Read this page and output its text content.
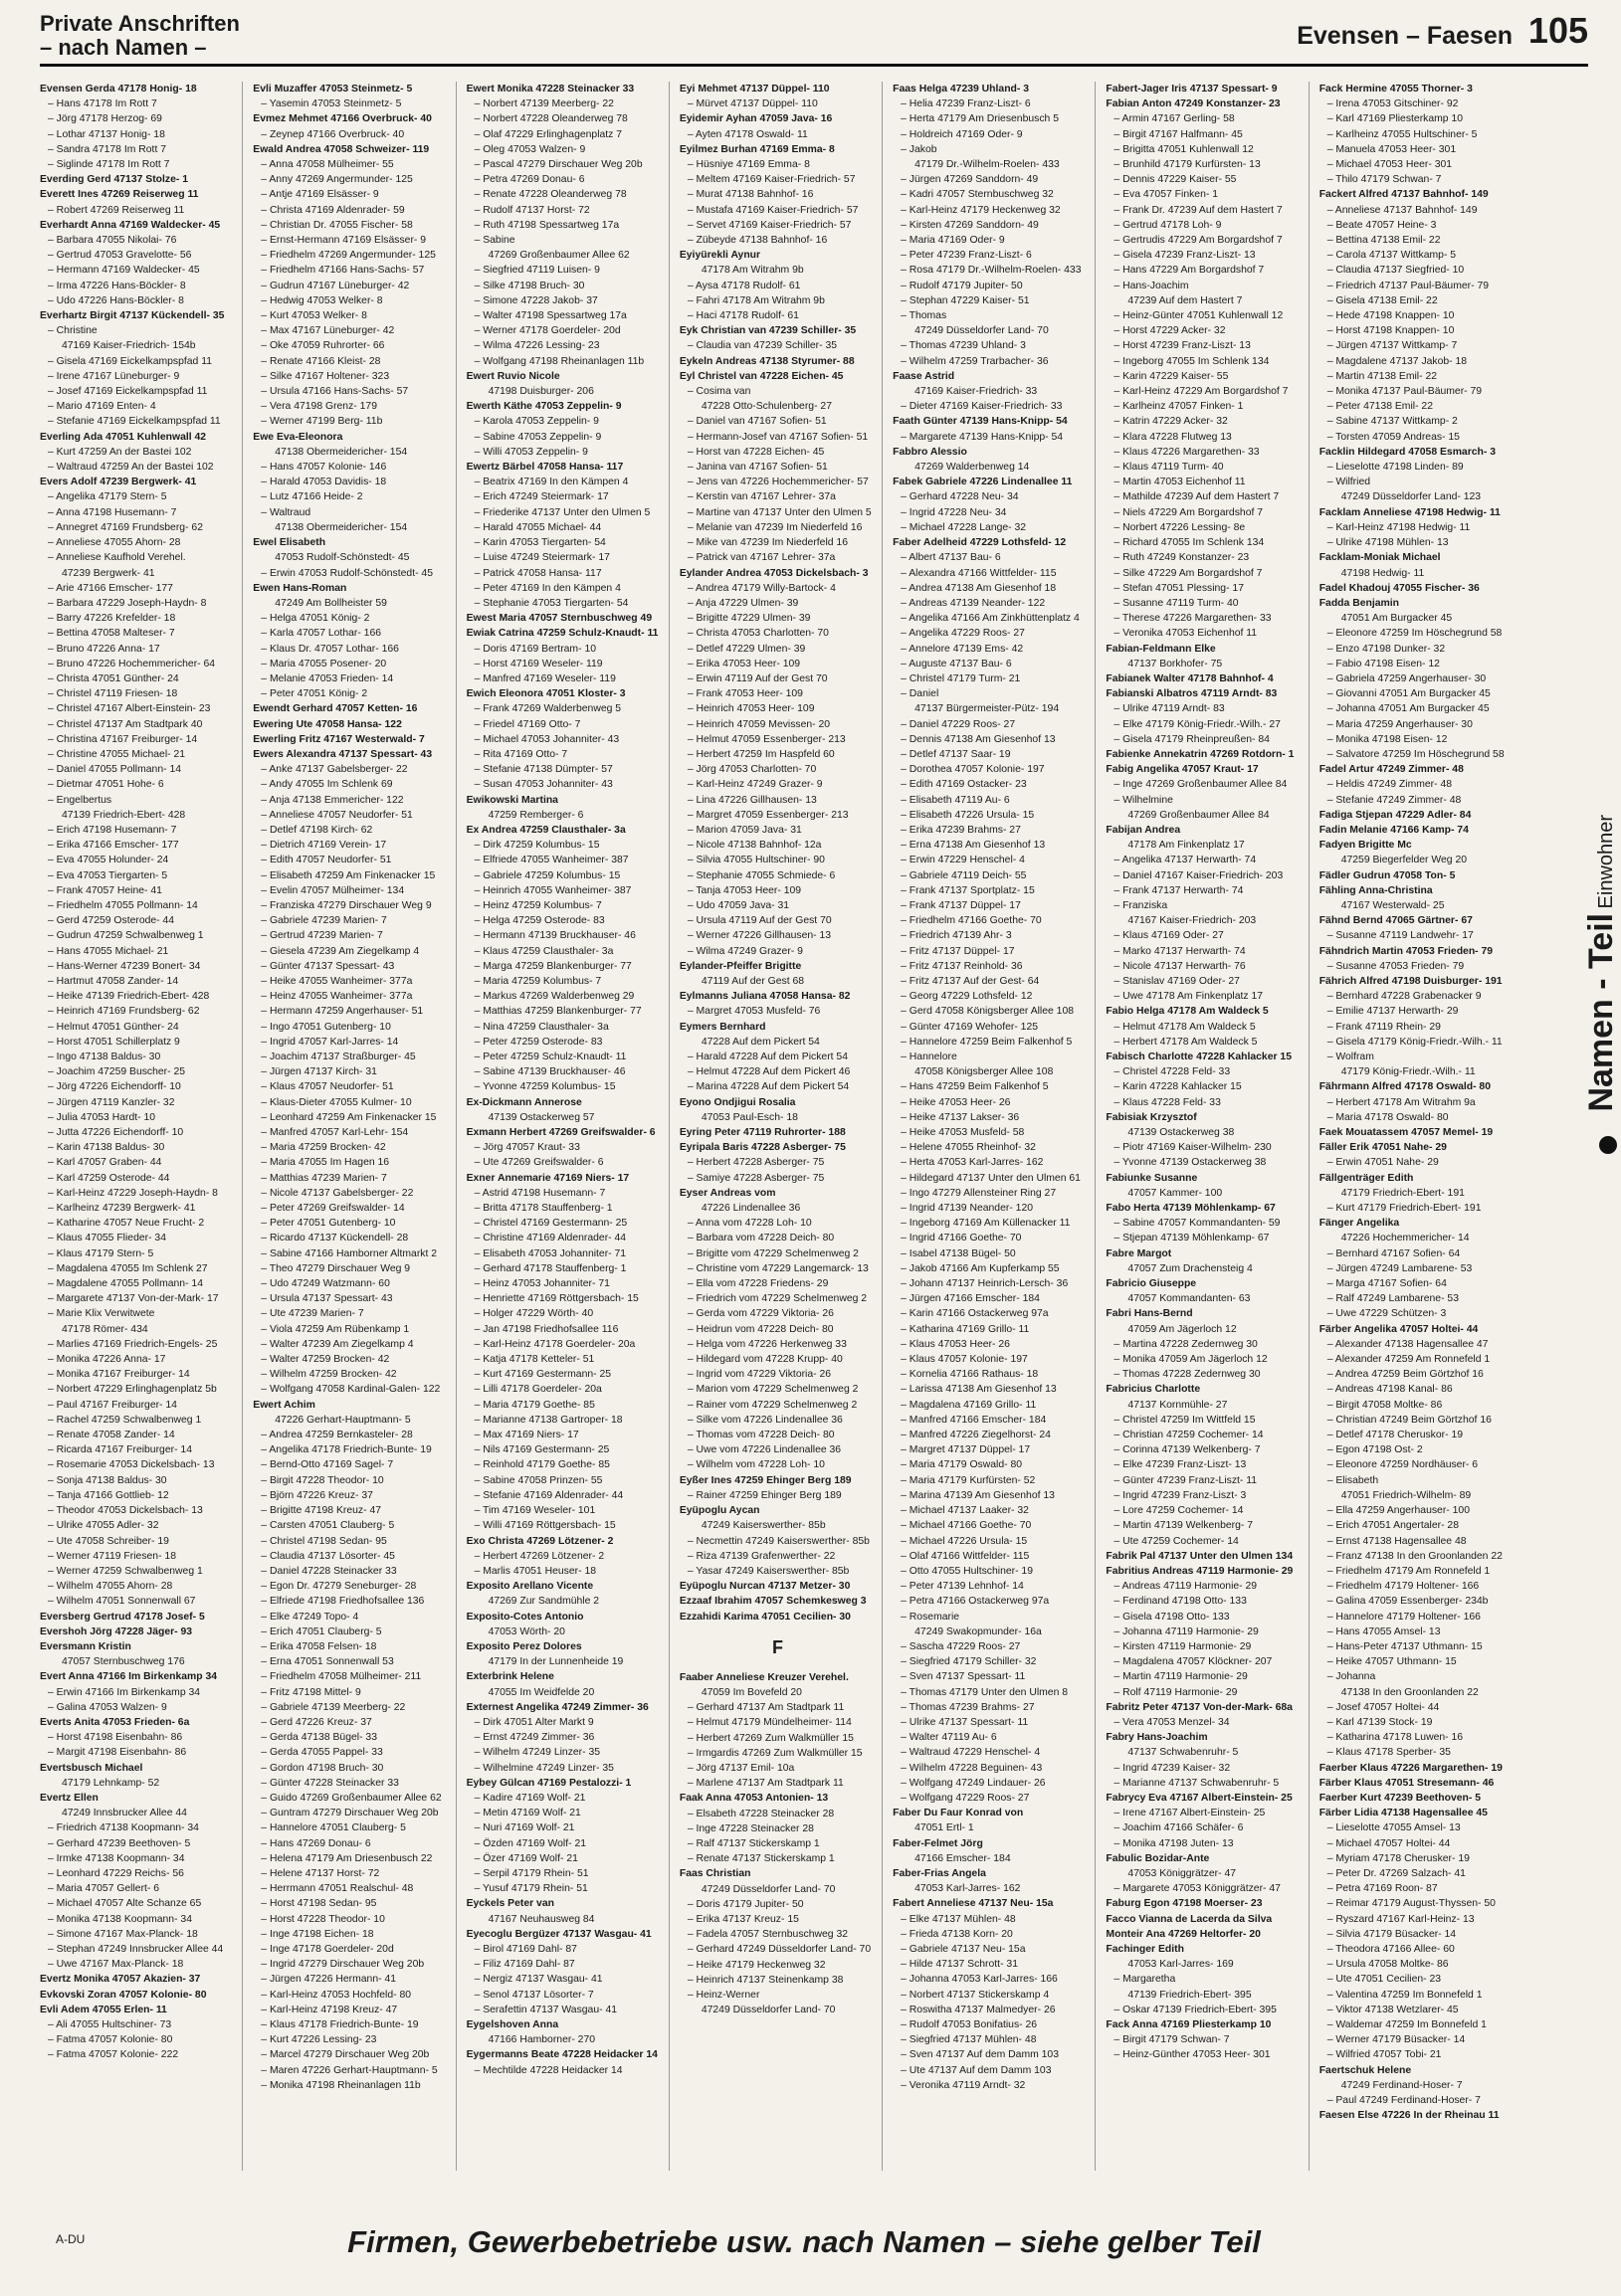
Private Anschriften
– nach Namen –	Evensen – Faesen 105
Evensen Gerda 47178 Honig- 18
– Hans 47178 Im Rott 7
– Jörg 47178 Herzog- 69
– Lothar 47137 Honig- 18
– Sandra 47178 Im Rott 7
– Siglinde 47178 Im Rott 7
Everding Gerd 47137 Stolze- 1
Everett Ines 47269 Reiserweg 11
– Robert 47269 Reiserweg 11
Everhardt Anna 47169 Waldecker- 45
– Barbara 47055 Nikolai- 76
– Gertrud 47053 Gravelotte- 56
– Hermann 47169 Waldecker- 45
– Irma 47226 Hans-Böckler- 8
– Udo 47226 Hans-Böckler- 8
Everhartz Birgit 47137 Kückendell- 35
– Christine
47169 Kaiser-Friedrich- 154b
– Gisela 47169 Eickelkampspfad 11
– Irene 47167 Lüneburger- 9
– Josef 47169 Eickelkampspfad 11
– Mario 47169 Enten- 4
– Stefanie 47169 Eickelkampspfad 11
Everling Ada 47051 Kuhlenwall 42
– Kurt 47259 An der Bastei 102
– Waltraud 47259 An der Bastei 102
Evers Adolf 47239 Bergwerk- 41
– Angelika 47179 Stern- 5
– Anna 47198 Husemann- 7
– Annegret 47169 Frundsberg- 62
– Anneliese 47055 Ahorn- 28
– Anneliese Kaufhold Verehel.
47239 Bergwerk- 41
– Arie 47166 Emscher- 177
– Barbara 47229 Joseph-Haydn- 8
– Barry 47226 Krefelder- 18
– Bettina 47058 Malteser- 7
– Bruno 47226 Anna- 17
– Bruno 47226 Hochemmericher- 64
– Christa 47051 Günther- 24
– Christel 47119 Friesen- 18
– Christel 47167 Albert-Einstein- 23
– Christel 47137 Am Stadtpark 40
– Christina 47167 Freiburger- 14
– Christine 47055 Michael- 21
– Daniel 47055 Pollmann- 14
– Dietmar 47051 Hohe- 6
– Engelbertus
47139 Friedrich-Ebert- 428
– Erich 47198 Husemann- 7
– Erika 47166 Emscher- 177
– Eva 47055 Holunder- 24
– Eva 47053 Tiergarten- 5
– Frank 47057 Heine- 41
– Friedhelm 47055 Pollmann- 14
– Gerd 47259 Osterode- 44
– Gudrun 47259 Schwalbenweg 1
– Hans 47055 Michael- 21
– Hans-Werner 47239 Bonert- 34
– Hartmut 47058 Zander- 14
– Heike 47139 Friedrich-Ebert- 428
– Heinrich 47169 Frundsberg- 62
– Helmut 47051 Günther- 24
– Horst 47051 Schillerplatz 9
– Ingo 47138 Baldus- 30
– Joachim 47259 Buscher- 25
– Jörg 47226 Eichendorff- 10
– Jürgen 47119 Kanzler- 32
– Julia 47053 Hardt- 10
– Jutta 47226 Eichendorff- 10
– Karin 47138 Baldus- 30
– Karl 47057 Graben- 44
– Karl 47259 Osterode- 44
– Karl-Heinz 47229 Joseph-Haydn- 8
– Karlheinz 47239 Bergwerk- 41
– Katharine 47057 Neue Frucht- 2
– Klaus 47055 Flieder- 34
– Klaus 47179 Stern- 5
– Magdalena 47055 Im Schlenk 27
– Magdalene 47055 Pollmann- 14
– Margarete 47137 Von-der-Mark- 17
– Marie Klix Verwitwete
47178 Römer- 434
– Marlies 47169 Friedrich-Engels- 25
– Monika 47226 Anna- 17
– Monika 47167 Freiburger- 14
– Norbert 47229 Erlinghagenplatz 5b
– Paul 47167 Freiburger- 14
– Rachel 47259 Schwalbenweg 1
– Renate 47058 Zander- 14
– Ricarda 47167 Freiburger- 14
– Rosemarie 47053 Dickelsbach- 13
– Sonja 47138 Baldus- 30
– Tanja 47166 Gottlieb- 12
– Theodor 47053 Dickelsbach- 13
– Ulrike 47055 Adler- 32
– Ute 47058 Schreiber- 19
– Werner 47119 Friesen- 18
– Werner 47259 Schwalbenweg 1
– Wilhelm 47055 Ahorn- 28
– Wilhelm 47051 Sonnenwall 67
Eversberg Gertrud 47178 Josef- 5
Evershoh Jörg 47228 Jäger- 93
Eversmann Kristin
47057 Sternbuschweg 176
Evert Anna 47166 Im Birkenkamp 34
– Erwin 47166 Im Birkenkamp 34
– Galina 47053 Walzen- 9
Everts Anita 47053 Frieden- 6a
– Horst 47198 Eisenbahn- 86
– Margit 47198 Eisenbahn- 86
Evertsbusch Michael
47179 Lehnkamp- 52
Evertz Ellen
47249 Innsbrucker Allee 44
– Friedrich 47138 Koopmann- 34
– Gerhard 47239 Beethoven- 5
– Irmke 47138 Koopmann- 34
– Leonhard 47229 Reichs- 56
– Maria 47057 Gellert- 6
– Michael 47057 Alte Schanze 65
– Monika 47138 Koopmann- 34
– Simone 47167 Max-Planck- 18
– Stephan 47249 Innsbrucker Allee 44
– Uwe 47167 Max-Planck- 18
Evertz Monika 47057 Akazien- 37
Evkovski Zoran 47057 Kolonie- 80
Evli Adem 47055 Erlen- 11
– Ali 47055 Hultschiner- 73
– Fatma 47057 Kolonie- 80
– Fatma 47057 Kolonie- 222
Evli Muzaffer 47053 Steinmetz- 5
– Yasemin 47053 Steinmetz- 5
Evmez Mehmet 47166 Overbruck- 40
– Zeynep 47166 Overbruck- 40
Ewald Andrea 47058 Schweizer- 119
– Anna 47058 Mülheimer- 55
– Anny 47269 Angermunder- 125
– Antje 47169 Elsässer- 9
– Christa 47169 Aldenrader- 59
– Christian Dr. 47055 Fischer- 58
– Ernst-Hermann 47169 Elsässer- 9
– Friedhelm 47269 Angermunder- 125
– Friedhelm 47166 Hans-Sachs- 57
– Gudrun 47167 Lüneburger- 42
– Hedwig 47053 Welker- 8
– Kurt 47053 Welker- 8
– Max 47167 Lüneburger- 42
– Oke 47059 Ruhrorter- 66
– Renate 47166 Kleist- 28
– Silke 47167 Holtener- 323
– Ursula 47166 Hans-Sachs- 57
– Vera 47198 Grenz- 179
– Werner 47199 Berg- 11b
Ewe Eva-Eleonora
47138 Obermeidericher- 154
– Hans 47057 Kolonie- 146
– Harald 47053 Davidis- 18
– Lutz 47166 Heide- 2
– Waltraud
47138 Obermeidericher- 154
Ewel Elisabeth
47053 Rudolf-Schönstedt- 45
– Erwin 47053 Rudolf-Schönstedt- 45
Ewen Hans-Roman
47249 Am Bollheister 59
– Helga 47051 König- 2
– Karla 47057 Lothar- 166
– Klaus Dr. 47057 Lothar- 166
– Maria 47055 Posener- 20
– Melanie 47053 Frieden- 14
– Peter 47051 König- 2
Ewendt Gerhard 47057 Ketten- 16
Ewering Ute 47058 Hansa- 122
Ewerling Fritz 47167 Westerwald- 7
Ewers Alexandra 47137 Spessart- 43
– Anke 47137 Gabelsberger- 22
– Andy 47055 Im Schlenk 69
– Anja 47138 Emmericher- 122
– Anneliese 47057 Neudorfer- 51
– Detlef 47198 Kirch- 62
– Dietrich 47169 Verein- 17
– Edith 47057 Neudorfer- 51
– Elisabeth 47259 Am Finkenacker 15
– Evelin 47057 Mülheimer- 134
– Franziska 47279 Dirschauer Weg 9
– Gabriele 47239 Marien- 7
– Gertrud 47239 Marien- 7
– Giesela 47239 Am Ziegelkamp 4
– Günter 47137 Spessart- 43
– Heike 47055 Wanheimer- 377a
– Heinz 47055 Wanheimer- 377a
– Hermann 47259 Angerhauser- 51
– Ingo 47051 Gutenberg- 10
– Ingrid 47057 Karl-Jarres- 14
– Joachim 47137 Straßburger- 45
– Jürgen 47137 Kirch- 31
– Klaus 47057 Neudorfer- 51
– Klaus-Dieter 47055 Kulmer- 10
– Leonhard 47259 Am Finkenacker 15
– Manfred 47057 Karl-Lehr- 154
– Maria 47259 Brocken- 42
– Maria 47055 Im Hagen 16
– Matthias 47239 Marien- 7
– Nicole 47137 Gabelsberger- 22
– Peter 47269 Greifswalder- 14
– Peter 47051 Gutenberg- 10
– Ricardo 47137 Kückendell- 28
– Sabine 47166 Hamborner Altmarkt 2
– Theo 47279 Dirschauer Weg 9
– Udo 47249 Watzmann- 60
– Ursula 47137 Spessart- 43
– Ute 47239 Marien- 7
– Viola 47259 Am Rübenkamp 1
– Walter 47239 Am Ziegelkamp 4
– Walter 47259 Brocken- 42
– Wilhelm 47259 Brocken- 42
– Wolfgang 47058 Kardinal-Galen- 122
Ewert Achim
47226 Gerhart-Hauptmann- 5
– Andrea 47259 Bernkasteler- 28
– Angelika 47178 Friedrich-Bunte- 19
– Bernd-Otto 47169 Sagel- 7
– Birgit 47228 Theodor- 10
– Björn 47226 Kreuz- 37
– Brigitte 47198 Kreuz- 47
– Carsten 47051 Clauberg- 5
– Christel 47198 Sedan- 95
– Claudia 47137 Lösorter- 45
– Daniel 47228 Steinacker 33
– Egon Dr. 47279 Seneburger- 28
– Elfriede 47198 Friedhofsallee 136
– Elke 47249 Topo- 4
– Erich 47051 Clauberg- 5
– Erika 47058 Felsen- 18
– Erna 47051 Sonnenwall 53
– Friedhelm 47058 Mülheimer- 211
– Fritz 47198 Mittel- 9
– Gabriele 47139 Meerberg- 22
– Gerd 47226 Kreuz- 37
– Gerda 47138 Bügel- 33
– Gerda 47055 Pappel- 33
– Gordon 47198 Bruch- 30
– Günter 47228 Steinacker 33
– Guido 47269 Großenbaumer Allee 62
– Guntram 47279 Dirschauer Weg 20b
– Hannelore 47051 Clauberg- 5
– Hans 47269 Donau- 6
– Helena 47179 Am Driesenbusch 22
– Helene 47137 Horst- 72
– Herrmann 47051 Realschul- 48
– Horst 47198 Sedan- 95
– Horst 47228 Theodor- 10
– Inge 47198 Eichen- 18
– Inge 47178 Goerdeler- 20d
– Ingrid 47279 Dirschauer Weg 20b
– Jürgen 47226 Hermann- 41
– Karl-Heinz 47053 Hochfeld- 80
– Karl-Heinz 47198 Kreuz- 47
– Klaus 47178 Friedrich-Bunte- 19
– Kurt 47226 Lessing- 23
– Marcel 47279 Dirschauer Weg 20b
– Maren 47226 Gerhart-Hauptmann- 5
– Monika 47198 Rheinanlagen 11b
Ewert Monika 47228 Steinacker 33
– Norbert 47139 Meerberg- 22
– Norbert 47228 Oleanderweg 78
– Olaf 47229 Erlinghagenplatz 7
– Oleg 47053 Walzen- 9
– Pascal 47279 Dirschauer Weg 20b
– Petra 47269 Donau- 6
– Renate 47228 Oleanderweg 78
– Rudolf 47137 Horst- 72
– Ruth 47198 Spessartweg 17a
– Sabine
47269 Großenbaumer Allee 62
– Siegfried 47119 Luisen- 9
– Silke 47198 Bruch- 30
– Simone 47228 Jakob- 37
– Walter 47198 Spessartweg 17a
– Werner 47178 Goerdeler- 20d
– Wilma 47226 Lessing- 23
– Wolfgang 47198 Rheinanlagen 11b
Ewert Ruvio Nicole
47198 Duisburger- 206
Ewerth Käthe 47053 Zeppelin- 9
– Karola 47053 Zeppelin- 9
– Sabine 47053 Zeppelin- 9
– Willi 47053 Zeppelin- 9
Ewertz Bärbel 47058 Hansa- 117
– Beatrix 47169 In den Kämpen 4
– Erich 47249 Steiermark- 17
– Friederike 47137 Unter den Ulmen 5
– Harald 47055 Michael- 44
– Karin 47053 Tiergarten- 54
– Luise 47249 Steiermark- 17
– Patrick 47058 Hansa- 117
– Peter 47169 In den Kämpen 4
– Stephanie 47053 Tiergarten- 54
Ewest Maria 47057 Sternbuschweg 49
Ewiak Catrina 47259 Schulz-Knaudt- 11
– Doris 47169 Bertram- 10
– Horst 47169 Weseler- 119
– Manfred 47169 Weseler- 119
Ewich Eleonora 47051 Kloster- 3
– Frank 47269 Walderbenweg 5
– Friedel 47169 Otto- 7
– Michael 47053 Johanniter- 43
– Rita 47169 Otto- 7
– Stefanie 47138 Dümpter- 57
– Susan 47053 Johanniter- 43
Ewikowski Martina
47259 Remberger- 6
Ex Andrea 47259 Clausthaler- 3a
– Dirk 47259 Kolumbus- 15
– Elfriede 47055 Wanheimer- 387
– Gabriele 47259 Kolumbus- 15
– Heinrich 47055 Wanheimer- 387
– Heinz 47259 Kolumbus- 7
– Helga 47259 Osterode- 83
– Hermann 47139 Bruckhauser- 46
– Klaus 47259 Clausthaler- 3a
– Marga 47259 Blankenburger- 77
– Maria 47259 Kolumbus- 7
– Markus 47269 Walderbenweg 29
– Matthias 47259 Blankenburger- 77
– Nina 47259 Clausthaler- 3a
– Peter 47259 Osterode- 83
– Peter 47259 Schulz-Knaudt- 11
– Sabine 47139 Bruckhauser- 46
– Yvonne 47259 Kolumbus- 15
Ex-Dickmann Annerose
47139 Ostackerweg 57
Exmann Herbert 47269 Greifswalder- 6
– Jörg 47057 Kraut- 33
– Ute 47269 Greifswalder- 6
Exner Annemarie 47169 Niers- 17
– Astrid 47198 Husemann- 7
– Britta 47178 Stauffenberg- 1
– Christel 47169 Gestermann- 25
– Christine 47169 Aldenrader- 44
– Elisabeth 47053 Johanniter- 71
– Gerhard 47178 Stauffenberg- 1
– Heinz 47053 Johanniter- 71
– Henriette 47169 Röttgersbach- 15
– Holger 47229 Wörth- 40
– Jan 47198 Friedhofsallee 116
– Karl-Heinz 47178 Goerdeler- 20a
– Katja 47178 Ketteler- 51
– Kurt 47169 Gestermann- 25
– Lilli 47178 Goerdeler- 20a
– Maria 47179 Goethe- 85
– Marianne 47138 Gartroper- 18
– Max 47169 Niers- 17
– Nils 47169 Gestermann- 25
– Reinhold 47179 Goethe- 85
– Sabine 47058 Prinzen- 55
– Stefanie 47169 Aldenrader- 44
– Tim 47169 Weseler- 101
– Willi 47169 Röttgersbach- 15
Exo Christa 47269 Lötzener- 2
– Herbert 47269 Lötzener- 2
– Marlis 47051 Heuser- 18
Exposito Arellano Vicente
47269 Zur Sandmühle 2
Exposito-Cotes Antonio
47053 Wörth- 20
Exposito Perez Dolores
47179 In der Lunnenheide 19
Exterbrink Helene
47055 Im Weidfelde 20
Externest Angelika 47249 Zimmer- 36
– Dirk 47051 Alter Markt 9
– Ernst 47249 Zimmer- 36
– Wilhelm 47249 Linzer- 35
– Wilhelmine 47249 Linzer- 35
Eybey Gülcan 47169 Pestalozzi- 1
– Kadire 47169 Wolf- 21
– Metin 47169 Wolf- 21
– Nuri 47169 Wolf- 21
– Özden 47169 Wolf- 21
– Özer 47169 Wolf- 21
– Serpil 47179 Rhein- 51
– Yusuf 47179 Rhein- 51
Eyckels Peter van
47167 Neuhausweg 84
Eyecoglu Bergüzer 47137 Wasgau- 41
– Birol 47169 Dahl- 87
– Filiz 47169 Dahl- 87
– Nergiz 47137 Wasgau- 41
– Senol 47137 Lösorter- 7
– Serafettin 47137 Wasgau- 41
Eygelshoven Anna
47166 Hamborner- 270
Eygermanns Beate 47228 Heidacker 14
– Mechtilde 47228 Heidacker 14
Eyi Mehmet 47137 Düppel- 110
– Mürvet 47137 Düppel- 110
Eyidemir Ayhan 47059 Java- 16
– Ayten 47178 Oswald- 11
Eyilmez Burhan 47169 Emma- 8
– Hüsniye 47169 Emma- 8
– Meltem 47169 Kaiser-Friedrich- 57
– Murat 47138 Bahnhof- 16
– Mustafa 47169 Kaiser-Friedrich- 57
– Servet 47169 Kaiser-Friedrich- 57
– Zübeyde 47138 Bahnhof- 16
Eyiyürekli Aynur
47178 Am Witrahm 9b
– Aysa 47178 Rudolf- 61
– Fahri 47178 Am Witrahm 9b
– Haci 47178 Rudolf- 61
Eyk Christian van 47239 Schiller- 35
– Claudia van 47239 Schiller- 35
Eykeln Andreas 47138 Styrumer- 88
Eyl Christel van 47228 Eichen- 45
– Cosima van
47228 Otto-Schulenberg- 27
– Daniel van 47167 Sofien- 51
– Hermann-Josef van 47167 Sofien- 51
– Horst van 47228 Eichen- 45
– Janina van 47167 Sofien- 51
– Jens van 47226 Hochemmericher- 57
– Kerstin van 47167 Lehrer- 37a
– Martine van 47137 Unter den Ulmen 5
– Melanie van 47239 Im Niederfeld 16
– Mike van 47239 Im Niederfeld 16
– Patrick van 47167 Lehrer- 37a
Eylander Andrea 47053 Dickelsbach- 3
– Andrea 47179 Willy-Bartock- 4
– Anja 47229 Ulmen- 39
– Brigitte 47229 Ulmen- 39
– Christa 47053 Charlotten- 70
– Detlef 47229 Ulmen- 39
– Erika 47053 Heer- 109
– Erwin 47119 Auf der Gest 70
– Frank 47053 Heer- 109
– Heinrich 47053 Heer- 109
– Heinrich 47059 Mevissen- 20
– Helmut 47059 Essenberger- 213
– Herbert 47259 Im Haspfeld 60
– Jörg 47053 Charlotten- 70
– Karl-Heinz 47249 Grazer- 9
– Lina 47226 Gillhausen- 13
– Margret 47059 Essenberger- 213
– Marion 47059 Java- 31
– Nicole 47138 Bahnhof- 12a
– Silvia 47055 Hultschiner- 90
– Stephanie 47055 Schmiede- 6
– Tanja 47053 Heer- 109
– Udo 47059 Java- 31
– Ursula 47119 Auf der Gest 70
– Werner 47226 Gillhausen- 13
– Wilma 47249 Grazer- 9
Eylander-Pfeiffer Brigitte
47119 Auf der Gest 68
Eylmanns Juliana 47058 Hansa- 82
– Margret 47053 Musfeld- 76
Eymers Bernhard
47228 Auf dem Pickert 54
– Harald 47228 Auf dem Pickert 54
– Helmut 47228 Auf dem Pickert 46
– Marina 47228 Auf dem Pickert 54
Eyono Ondjigui Rosalia
47053 Paul-Esch- 18
Eyring Peter 47119 Ruhrorter- 188
Eyripala Baris 47228 Asberger- 75
– Herbert 47228 Asberger- 75
– Samiye 47228 Asberger- 75
Eyser Andreas vom
47226 Lindenallee 36
– Anna vom 47228 Loh- 10
– Barbara vom 47228 Deich- 80
– Brigitte vom 47229 Schelmenweg 2
– Christine vom 47229 Langemarck- 13
– Ella vom 47228 Friedens- 29
– Friedrich vom 47229 Schelmenweg 2
– Gerda vom 47229 Viktoria- 26
– Heidrun vom 47228 Deich- 80
– Helga vom 47226 Herkenweg 33
– Hildegard vom 47228 Krupp- 40
– Ingrid vom 47229 Viktoria- 26
– Marion vom 47229 Schelmenweg 2
– Rainer vom 47229 Schelmenweg 2
– Silke vom 47226 Lindenallee 36
– Thomas vom 47228 Deich- 80
– Uwe vom 47226 Lindenallee 36
– Wilhelm vom 47228 Loh- 10
Eyßer Ines 47259 Ehinger Berg 189
– Rainer 47259 Ehinger Berg 189
Eyüpoglu Aycan
47249 Kaiserswerther- 85b
– Necmettin 47249 Kaiserswerther- 85b
– Riza 47139 Grafenwerther- 22
– Yasar 47249 Kaiserswerther- 85b
Eyüpoglu Nurcan 47137 Metzer- 30
Ezzaaf Ibrahim 47057 Schemkesweg 3
Ezzahidi Karima 47051 Cecilien- 30
F
Faaber Anneliese Kreuzer Verehel.
47059 Im Bovefeld 20
– Gerhard 47137 Am Stadtpark 11
– Helmut 47179 Mündelheimer- 114
– Herbert 47269 Zum Walkmüller 15
– Irmgardis 47269 Zum Walkmüller 15
– Jörg 47137 Emil- 10a
– Marlene 47137 Am Stadtpark 11
Faak Anna 47053 Antonien- 13
– Elsabeth 47228 Steinacker 28
– Inge 47228 Steinacker 28
– Ralf 47137 Stickerskamp 1
– Renate 47137 Stickerskamp 1
Faas Christian
47249 Düsseldorfer Land- 70
– Doris 47179 Jupiter- 50
– Erika 47137 Kreuz- 15
– Fadela 47057 Sternbuschweg 32
– Gerhard 47249 Düsseldorfer Land- 70
– Heike 47179 Heckenweg 32
– Heinrich 47137 Steinenkamp 38
– Heinz-Werner
47249 Düsseldorfer Land- 70
Faas Helga 47239 Uhland- 3
– Helia 47239 Franz-Liszt- 6
– Herta 47179 Am Driesenbusch 5
– Holdreich 47169 Oder- 9
– Jakob
47179 Dr.-Wilhelm-Roelen- 433
– Jürgen 47269 Sanddorn- 49
– Kadri 47057 Sternbuschweg 32
– Karl-Heinz 47179 Heckenweg 32
– Kirsten 47269 Sanddorn- 49
– Maria 47169 Oder- 9
– Peter 47239 Franz-Liszt- 6
– Rosa 47179 Dr.-Wilhelm-Roelen- 433
– Rudolf 47179 Jupiter- 50
– Stephan 47229 Kaiser- 51
– Thomas
47249 Düsseldorfer Land- 70
– Thomas 47239 Uhland- 3
– Wilhelm 47259 Trarbacher- 36
Faase Astrid
47169 Kaiser-Friedrich- 33
– Dieter 47169 Kaiser-Friedrich- 33
Faath Günter 47139 Hans-Knipp- 54
– Margarete 47139 Hans-Knipp- 54
Fabbro Alessio
47269 Walderbenweg 14
Fabek Gabriele 47226 Lindenallee 11
– Gerhard 47228 Neu- 34
– Ingrid 47228 Neu- 34
– Michael 47228 Lange- 32
Faber Adelheid 47229 Lothsfeld- 12
– Albert 47137 Bau- 6
– Alexandra 47166 Wittfelder- 115
– Andrea 47138 Am Giesenhof 18
– Andreas 47139 Neander- 122
– Angelika 47166 Am Zinkhüttenplatz 4
– Angelika 47229 Roos- 27
– Annelore 47139 Ems- 42
– Auguste 47137 Bau- 6
– Christel 47179 Turm- 21
– Daniel
47137 Bürgermeister-Pütz- 194
– Daniel 47229 Roos- 27
– Dennis 47138 Am Giesenhof 13
– Detlef 47137 Saar- 19
– Dorothea 47057 Kolonie- 197
– Edith 47169 Ostacker- 23
– Elisabeth 47119 Au- 6
– Elisabeth 47226 Ursula- 15
– Erika 47239 Brahms- 27
– Erna 47138 Am Giesenhof 13
– Erwin 47229 Henschel- 4
– Gabriele 47119 Deich- 55
– Frank 47137 Sportplatz- 15
– Frank 47137 Düppel- 17
– Friedhelm 47166 Goethe- 70
– Friedrich 47139 Ahr- 3
– Fritz 47137 Düppel- 17
– Fritz 47137 Reinhold- 36
– Fritz 47137 Auf der Gest- 64
– Georg 47229 Lothsfeld- 12
– Gerd 47058 Königsberger Allee 108
– Günter 47169 Wehofer- 125
– Hannelore 47259 Beim Falkenhof 5
– Hannelore
47058 Königsberger Allee 108
– Hans 47259 Beim Falkenhof 5
– Heike 47053 Heer- 26
– Heike 47137 Lakser- 36
– Heike 47053 Musfeld- 58
– Helene 47055 Rheinhof- 32
– Herta 47053 Karl-Jarres- 162
– Hildegard 47137 Unter den Ulmen 61
– Ingo 47279 Allensteiner Ring 27
– Ingrid 47139 Neander- 120
– Ingeborg 47169 Am Küllenacker 11
– Ingrid 47166 Goethe- 70
– Isabel 47138 Bügel- 50
– Jakob 47166 Am Kupferkamp 55
– Johann 47137 Heinrich-Lersch- 36
– Jürgen 47166 Emscher- 184
– Karin 47166 Ostackerweg 97a
– Katharina 47169 Grillo- 11
– Klaus 47053 Heer- 26
– Klaus 47057 Kolonie- 197
– Kornelia 47166 Rathaus- 18
– Larissa 47138 Am Giesenhof 13
– Magdalena 47169 Grillo- 11
– Manfred 47166 Emscher- 184
– Manfred 47226 Ziegelhorst- 24
– Margret 47137 Düppel- 17
– Maria 47179 Oswald- 80
– Maria 47179 Kurfürsten- 52
– Marina 47139 Am Giesenhof 13
– Michael 47137 Laaker- 32
– Michael 47166 Goethe- 70
– Michael 47226 Ursula- 15
– Olaf 47166 Wittfelder- 115
– Otto 47055 Hultschiner- 19
– Peter 47139 Lehnhof- 14
– Petra 47166 Ostackerweg 97a
– Rosemarie
47249 Swakopmunder- 16a
– Sascha 47229 Roos- 27
– Siegfried 47179 Schiller- 32
– Sven 47137 Spessart- 11
– Thomas 47179 Unter den Ulmen 8
– Thomas 47239 Brahms- 27
– Ulrike 47137 Spessart- 11
– Walter 47119 Au- 6
– Waltraud 47229 Henschel- 4
– Wilhelm 47228 Beguinen- 43
– Wolfgang 47249 Lindauer- 26
– Wolfgang 47229 Roos- 27
Faber Du Faur Konrad von
47051 Ertl- 1
Faber-Felmet Jörg
47166 Emscher- 184
Faber-Frias Angela
47053 Karl-Jarres- 162
Fabert Anneliese 47137 Neu- 15a
– Elke 47137 Mühlen- 48
– Frieda 47138 Korn- 20
– Gabriele 47137 Neu- 15a
– Hilde 47137 Schrott- 31
– Johanna 47053 Karl-Jarres- 166
– Norbert 47137 Stickerskamp 4
– Roswitha 47137 Malmedyer- 26
– Rudolf 47053 Bonifatius- 26
– Siegfried 47137 Mühlen- 48
– Sven 47137 Auf dem Damm 103
– Ute 47137 Auf dem Damm 103
– Veronika 47119 Arndt- 32
Fabert-Jager Iris 47137 Spessart- 9
Fabian Anton 47249 Konstanzer- 23
– Armin 47167 Gerling- 58
– Birgit 47167 Halfmann- 45
– Brigitta 47051 Kuhlenwall 12
– Brunhild 47179 Kurfürsten- 13
– Dennis 47229 Kaiser- 55
– Eva 47057 Finken- 1
– Frank Dr. 47239 Auf dem Hastert 7
– Gertrud 47178 Loh- 9
– Gertrudis 47229 Am Borgardshof 7
– Gisela 47239 Franz-Liszt- 13
– Hans 47229 Am Borgardshof 7
– Hans-Joachim
47239 Auf dem Hastert 7
– Heinz-Günter 47051 Kuhlenwall 12
– Horst 47229 Acker- 32
– Horst 47239 Franz-Liszt- 13
– Ingeborg 47055 Im Schlenk 134
– Karin 47229 Kaiser- 55
– Karl-Heinz 47229 Am Borgardshof 7
– Karlheinz 47057 Finken- 1
– Katrin 47229 Acker- 32
– Klara 47228 Flutweg 13
– Klaus 47226 Margarethen- 33
– Klaus 47119 Turm- 40
– Martin 47053 Eichenhof 11
– Mathilde 47239 Auf dem Hastert 7
– Niels 47229 Am Borgardshof 7
– Norbert 47226 Lessing- 8e
– Richard 47055 Im Schlenk 134
– Ruth 47249 Konstanzer- 23
– Silke 47229 Am Borgardshof 7
– Stefan 47051 Plessing- 17
– Susanne 47119 Turm- 40
– Therese 47226 Margarethen- 33
– Veronika 47053 Eichenhof 11
Fabian-Feldmann Elke
47137 Borkhofer- 75
Fabianek Walter 47178 Bahnhof- 4
Fabianski Albatros 47119 Arndt- 83
– Ulrike 47119 Arndt- 83
– Elke 47179 König-Friedr.-Wilh.- 27
– Gisela 47179 Rheinpreußen- 84
Fabienke Annekatrin 47269 Rotdorn- 1
Fabig Angelika 47057 Kraut- 17
– Inge 47269 Großenbaumer Allee 84
– Wilhelmine
47269 Großenbaumer Allee 84
Fabijan Andrea
47178 Am Finkenplatz 17
– Angelika 47137 Herwarth- 74
– Daniel 47167 Kaiser-Friedrich- 203
– Frank 47137 Herwarth- 74
– Franziska
47167 Kaiser-Friedrich- 203
– Klaus 47169 Oder- 27
– Marko 47137 Herwarth- 74
– Nicole 47137 Herwarth- 76
– Stanislav 47169 Oder- 27
– Uwe 47178 Am Finkenplatz 17
Fabio Helga 47178 Am Waldeck 5
– Helmut 47178 Am Waldeck 5
– Herbert 47178 Am Waldeck 5
Fabisch Charlotte 47228 Kahlacker 15
– Christel 47228 Feld- 33
– Karin 47228 Kahlacker 15
– Klaus 47228 Feld- 33
Fabisiak Krzysztof
47139 Ostackerweg 38
– Piotr 47169 Kaiser-Wilhelm- 230
– Yvonne 47139 Ostackerweg 38
Fabiunke Susanne
47057 Kammer- 100
Fabo Herta 47139 Möhlenkamp- 67
– Sabine 47057 Kommandanten- 59
– Stjepan 47139 Möhlenkamp- 67
Fabre Margot
47057 Zum Drachensteig 4
Fabricio Giuseppe
47057 Kommandanten- 63
Fabri Hans-Bernd
47059 Am Jägerloch 12
– Martina 47228 Zedernweg 30
– Monika 47059 Am Jägerloch 12
– Thomas 47228 Zedernweg 30
Fabricius Charlotte
47137 Kornmühle- 27
– Christel 47259 Im Wittfeld 15
– Christian 47259 Cochemer- 14
– Corinna 47139 Welkenberg- 7
– Elke 47239 Franz-Liszt- 13
– Günter 47239 Franz-Liszt- 11
– Ingrid 47239 Franz-Liszt- 3
– Lore 47259 Cochemer- 14
– Martin 47139 Welkenberg- 7
– Ute 47259 Cochemer- 14
Fabrik Pal 47137 Unter den Ulmen 134
Fabritius Andreas 47119 Harmonie- 29
– Andreas 47119 Harmonie- 29
– Ferdinand 47198 Otto- 133
– Gisela 47198 Otto- 133
– Johanna 47119 Harmonie- 29
– Kirsten 47119 Harmonie- 29
– Magdalena 47057 Klöckner- 207
– Martin 47119 Harmonie- 29
– Rolf 47119 Harmonie- 29
Fabritz Peter 47137 Von-der-Mark- 68a
– Vera 47053 Menzel- 34
Fabry Hans-Joachim
47137 Schwabenruhr- 5
– Ingrid 47239 Kaiser- 32
– Marianne 47137 Schwabenruhr- 5
Fabrycy Eva 47167 Albert-Einstein- 25
– Irene 47167 Albert-Einstein- 25
– Joachim 47166 Schäfer- 6
– Monika 47198 Juten- 13
Fabulic Bozidar-Ante
47053 Königgrätzer- 47
– Margarete 47053 Königgrätzer- 47
Faburg Egon 47198 Moerser- 23
Facco Vianna de Lacerda da Silva
Monteir Ana 47269 Heltorfer- 20
Fachinger Edith
47053 Karl-Jarres- 169
– Margaretha
47139 Friedrich-Ebert- 395
– Oskar 47139 Friedrich-Ebert- 395
Fack Anna 47169 Pliesterkamp 10
– Birgit 47179 Schwan- 7
– Heinz-Günther 47053 Heer- 301
Fack Hermine 47055 Thorner- 3
– Irena 47053 Gitschiner- 92
– Karl 47169 Pliesterkamp 10
– Karlheinz 47055 Hultschiner- 5
– Manuela 47053 Heer- 301
– Michael 47053 Heer- 301
– Thilo 47179 Schwan- 7
Fackert Alfred 47137 Bahnhof- 149
– Anneliese 47137 Bahnhof- 149
– Beate 47057 Heine- 3
– Bettina 47138 Emil- 22
– Carola 47137 Wittkamp- 5
– Claudia 47137 Siegfried- 10
– Friedrich 47137 Paul-Bäumer- 79
– Gisela 47138 Emil- 22
– Hede 47198 Knappen- 10
– Horst 47198 Knappen- 10
– Jürgen 47137 Wittkamp- 7
– Magdalene 47137 Jakob- 18
– Martin 47138 Emil- 22
– Monika 47137 Paul-Bäumer- 79
– Peter 47138 Emil- 22
– Sabine 47137 Wittkamp- 2
– Torsten 47059 Andreas- 15
Facklin Hildegard 47058 Esmarch- 3
– Lieselotte 47198 Linden- 89
– Wilfried
47249 Düsseldorfer Land- 123
Facklam Anneliese 47198 Hedwig- 11
– Karl-Heinz 47198 Hedwig- 11
– Ulrike 47198 Mühlen- 13
Facklam-Moniak Michael
47198 Hedwig- 11
Fadel Khadouj 47055 Fischer- 36
Fadda Benjamin
47051 Am Burgacker 45
– Eleonore 47259 Im Höschegrund 58
– Enzo 47198 Dunker- 32
– Fabio 47198 Eisen- 12
– Gabriela 47259 Angerhauser- 30
– Giovanni 47051 Am Burgacker 45
– Johanna 47051 Am Burgacker 45
– Maria 47259 Angerhauser- 30
– Monika 47198 Eisen- 12
– Salvatore 47259 Im Höschegrund 58
Fadel Artur 47249 Zimmer- 48
– Heldis 47249 Zimmer- 48
– Stefanie 47249 Zimmer- 48
Fadiga Stjepan 47229 Adler- 84
Fadin Melanie 47166 Kamp- 74
Fadyen Brigitte Mc
47259 Biegerfelder Weg 20
Fädler Gudrun 47058 Ton- 5
Fähling Anna-Christina
47167 Westerwald- 25
Fähnd Bernd 47065 Gärtner- 67
– Susanne 47119 Landwehr- 17
Fähndrich Martin 47053 Frieden- 79
– Susanne 47053 Frieden- 79
Fährich Alfred 47198 Duisburger- 191
– Bernhard 47228 Grabenacker 9
– Emilie 47137 Herwarth- 29
– Frank 47119 Rhein- 29
– Gisela 47179 König-Friedr.-Wilh.- 11
– Wolfram
47179 König-Friedr.-Wilh.- 11
Fährmann Alfred 47178 Oswald- 80
– Herbert 47178 Am Witrahm 9a
– Maria 47178 Oswald- 80
Faek Mouatassem 47057 Memel- 19
Fäller Erik 47051 Nahe- 29
– Erwin 47051 Nahe- 29
Fällgenträger Edith
47179 Friedrich-Ebert- 191
– Kurt 47179 Friedrich-Ebert- 191
Fänger Angelika
47226 Hochemmericher- 14
– Bernhard 47167 Sofien- 64
– Jürgen 47249 Lambarene- 53
– Marga 47167 Sofien- 64
– Ralf 47249 Lambarene- 53
– Uwe 47229 Schützen- 3
Färber Angelika 47057 Holtei- 44
– Alexander 47138 Hagensallee 47
– Alexander 47259 Am Ronnefeld 1
– Andrea 47259 Beim Görtzhof 16
– Andreas 47198 Kanal- 86
– Birgit 47058 Moltke- 86
– Christian 47249 Beim Görtzhof 16
– Detlef 47178 Cheruskor- 19
– Egon 47198 Ost- 2
– Eleonore 47259 Nordhäuser- 6
– Elisabeth
47051 Friedrich-Wilhelm- 89
– Ella 47259 Angerhauser- 100
– Erich 47051 Angertaler- 28
– Ernst 47138 Hagensallee 48
– Franz 47138 In den Groonlanden 22
– Friedhelm 47179 Am Ronnefeld 1
– Friedhelm 47179 Holtener- 166
– Galina 47059 Essenberger- 234b
– Hannelore 47179 Holtener- 166
– Hans 47055 Amsel- 13
– Hans-Peter 47137 Uthmann- 15
– Heike 47057 Uthmann- 15
– Johanna
47138 In den Groonlanden 22
– Josef 47057 Holtei- 44
– Karl 47139 Stock- 19
– Katharina 47178 Luwen- 16
– Klaus 47178 Sperber- 35
Faerber Klaus 47226 Margarethen- 19
Färber Klaus 47051 Stresemann- 46
Faerber Kurt 47239 Beethoven- 5
Färber Lidia 47138 Hagensallee 45
– Lieselotte 47055 Amsel- 13
– Michael 47057 Holtei- 44
– Myriam 47178 Cherusker- 19
– Peter Dr. 47269 Salzach- 41
– Petra 47169 Roon- 87
– Reimar 47179 August-Thyssen- 50
– Ryszard 47167 Karl-Heinz- 13
– Silvia 47179 Büsacker- 14
– Theodora 47166 Allee- 60
– Ursula 47058 Moltke- 86
– Ute 47051 Cecilien- 23
– Valentina 47259 Im Bonnefeld 1
– Viktor 47138 Wetzlarer- 45
– Waldemar 47259 Im Bonnefeld 1
– Werner 47179 Büsacker- 14
– Wilfried 47057 Tobi- 21
Faertschuk Helene
47249 Ferdinand-Hoser- 7
– Paul 47249 Ferdinand-Hoser- 7
Faesen Else 47226 In der Rheinau 11
Namen - Teil Einwohner
A-DU	Firmen, Gewerbebetriebe usw. nach Namen – siehe gelber Teil
